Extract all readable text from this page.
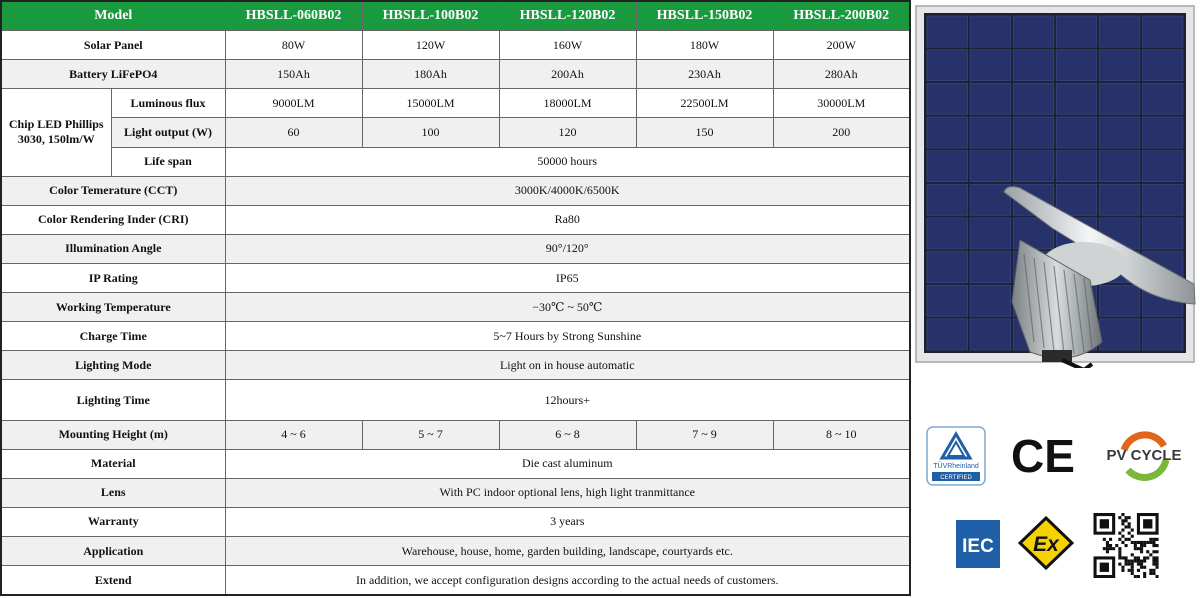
Model		HBSLL-060B02	HBSLL-100B02	HBSLL-120B02	HBSLL-150B02	HBSLL-200B02
Solar Panel		80W	120W	160W	180W	200W
Battery LiFePO4		150Ah	180Ah	200Ah	230Ah	280Ah
Chip LED Phillips 3030, 150lm/W	Luminous flux	9000LM	15000LM	18000LM	22500LM	30000LM
	Light output (W)	60	100	120	150	200
	Life span	50000 hours				
Color Temerature (CCT)		3000K/4000K/6500K				
Color Rendering Inder (CRI)		Ra80				
Illumination Angle		90°/120°				
IP Rating		IP65				
Working Temperature		−30℃ ~ 50℃				
Charge Time		5~7 Hours by Strong Sunshine				
Lighting Mode		Light on in house automatic				
Lighting Time		12hours+				
Mounting Height (m)		4 ~ 6	5 ~ 7	6 ~ 8	7 ~ 9	8 ~ 10
Material		Die cast aluminum				
Lens		With PC indoor optional lens, high light tranmittance				
Warranty		3 years				
Application		Warehouse, house, home, garden building, landscape, courtyards etc.				
Extend		In addition, we accept configuration designs according to the actual needs of customers.				
TÜVRheinland
CERTIFIED CE PV CYCLE
IEC Ex
